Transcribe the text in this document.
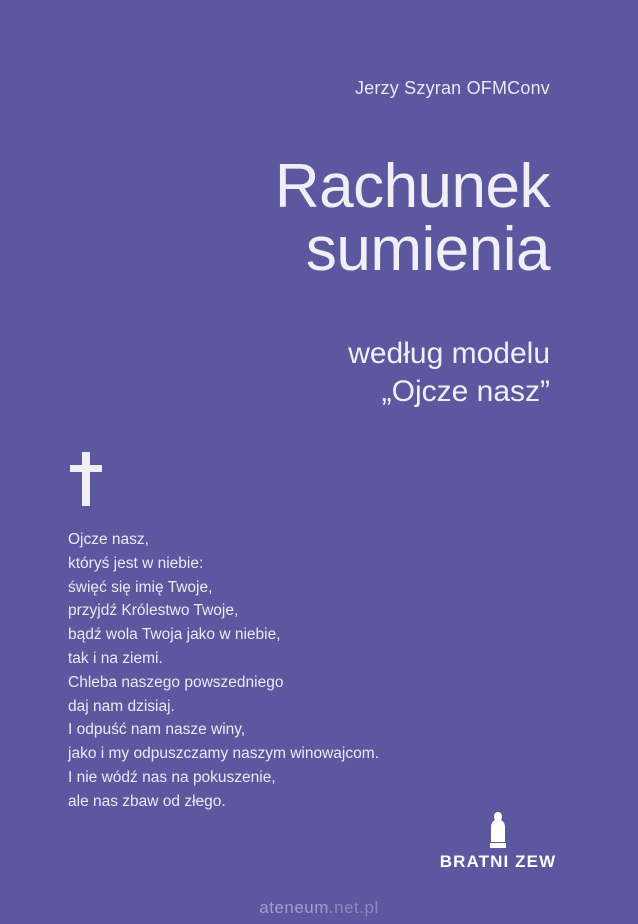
Jerzy Szyran OFMConv
Rachunek
sumienia
według modelu
„Ojcze nasz”
Ojcze nasz,
któryś jest w niebie:
święć się imię Twoje,
przyjdź Królestwo Twoje,
bądź wola Twoja jako w niebie,
tak i na ziemi.
Chleba naszego powszedniego
daj nam dzisiaj.
I odpuść nam nasze winy,
jako i my odpuszczamy naszym winowajcom.
I nie wódź nas na pokuszenie,
ale nas zbaw od złego.
BRATNI ZEW
ateneum.net.pl
